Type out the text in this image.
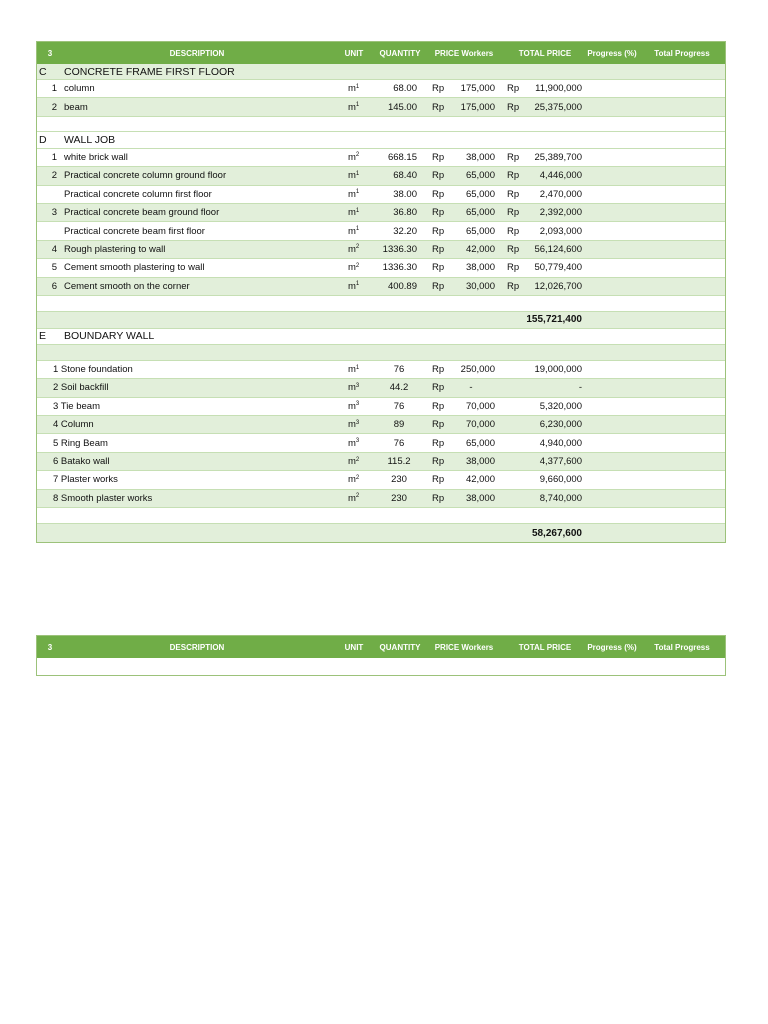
3	DESCRIPTION	UNIT	QUANTITY	PRICE Workers	TOTAL PRICE	Progress (%)	Total Progress
C	CONCRETE FRAME FIRST FLOOR
1 column	$m^1$	68.00 Rp	175,000 Rp	11,900,000
2 beam	$m^1$	145.00 Rp	175,000 Rp	25,375,000
D	WALL JOB
1 white brick wall	$m^2$	668.15 Rp	38,000 Rp	25,389,700
2 Practical concrete column ground floor	$m^1$	68.40 Rp	65,000 Rp	4,446,000
Practical concrete column first floor	$m^1$	38.00 Rp	65,000 Rp	2,470,000
3 Practical concrete beam ground floor	$m^1$	36.80 Rp	65,000 Rp	2,392,000
Practical concrete beam first floor	$m^1$	32.20 Rp	65,000 Rp	2,093,000
4 Rough plastering to wall	$m^2$ 1336.30 Rp	42,000 Rp	56,124,600
5 Cement smooth plastering to wall	$m^2$ 1336.30 Rp	38,000 Rp	50,779,400
6 Cement smooth on the corner	$m^1$	400.89 Rp	30,000 Rp	12,026,700
155,721,400
E	BOUNDARY WALL
1 Stone foundation	$m^1$	76	Rp	250,000	19,000,000
2 Soil backfill	$m^3$	44.2	Rp	-	-
3 Tie beam	$m^3$	76	Rp	70,000	5,320,000
4 Column	$m^3$	89	Rp	70,000	6,230,000
5 Ring Beam	$m^3$	76	Rp	65,000	4,940,000
6 Batako wall	$m^2$	115.2	Rp	38,000	4,377,600
7 Plaster works	$m^2$	230	Rp	42,000	9,660,000
8 Smooth plaster works	$m^2$	230	Rp	38,000	8,740,000
58,267,600
3	DESCRIPTION	UNIT	QUANTITY	PRICE Workers	TOTAL PRICE	Progress (%)	Total Progress
